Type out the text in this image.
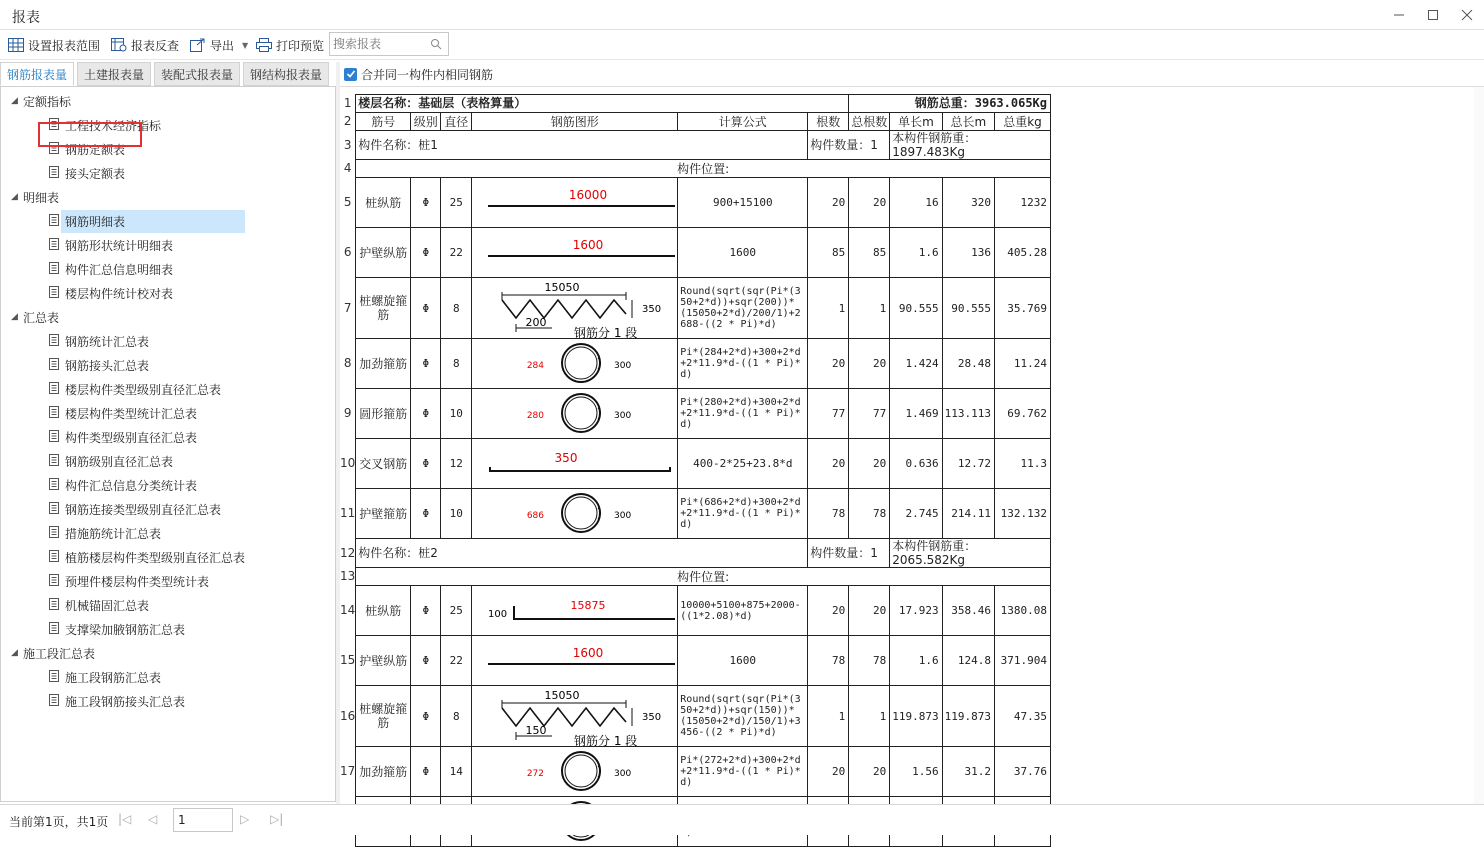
报表
设置报表范围	报表反查	导出 ▼ 打印预览
搜索报表
钢筋报表量	土建报表量	装配式报表量	钢结构报表量
◢ 定额指标
工程技术经济指标
钢筋定额表
接头定额表
◢ 明细表
钢筋明细表
钢筋形状统计明细表
构件汇总信息明细表
楼层构件统计校对表
◢ 汇总表
钢筋统计汇总表
钢筋接头汇总表
楼层构件类型级别直径汇总表
楼层构件类型统计汇总表
构件类型级别直径汇总表
钢筋级别直径汇总表
构件汇总信息分类统计表
钢筋连接类型级别直径汇总表
措施筋统计汇总表
植筋楼层构件类型级别直径汇总表
预埋件楼层构件类型统计表
机械锚固汇总表
支撑梁加腋钢筋汇总表
◢ 施工段汇总表
施工段钢筋汇总表
施工段钢筋接头汇总表
合并同一构件内相同钢筋
1	楼层名称：基础层（表格算量）						钢筋总重：3963.065Kg			
2	筋号	级别	直径	钢筋图形	计算公式	根数	总根数	单长m	总长m	总重kg
3	构件名称：桩1					构件数量：1		本构件钢筋重：1897.483Kg		
4	构件位置:									
5	桩纵筋	Φ	25	16000	900+15100	20	20	16	320	1232
6	护壁纵筋	Φ	22	1600	1600	85	85	1.6	136	405.28
7	桩螺旋箍筋	Φ	8	15050
350
200
钢筋分 1 段	Round(sqrt(sqr(Pi*(350+2*d))+sqr(200))*(15050+2*d)/200/1)+2688-((2 * Pi)*d)	1	1	90.555	90.555	35.769
8	加劲箍筋	Φ	8	284 300	Pi*(284+2*d)+300+2*d+2*11.9*d-((1 * Pi)*d)	20	20	1.424	28.48	11.24
9	圆形箍筋	Φ	10	280 300	Pi*(280+2*d)+300+2*d+2*11.9*d-((1 * Pi)*d)	77	77	1.469	113.113	69.762
10	交叉钢筋	Φ	12	350	400-2*25+23.8*d	20	20	0.636	12.72	11.3
11	护壁箍筋	Φ	10	686 300	Pi*(686+2*d)+300+2*d+2*11.9*d-((1 * Pi)*d)	78	78	2.745	214.11	132.132
12	构件名称：桩2					构件数量：1		本构件钢筋重：2065.582Kg		
13	构件位置:									
14	桩纵筋	Φ	25	15875
100	10000+5100+875+2000-((1*2.08)*d)	20	20	17.923	358.46	1380.08
15	护壁纵筋	Φ	22	1600	1600	78	78	1.6	124.8	371.904
16	桩螺旋箍筋	Φ	8	15050
350
150
钢筋分 1 段	Round(sqrt(sqr(Pi*(350+2*d))+sqr(150))*(15050+2*d)/150/1)+3456-((2 * Pi)*d)	1	1	119.873	119.873	47.35
17	加劲箍筋	Φ	14	272 300	Pi*(272+2*d)+300+2*d+2*11.9*d-((1 * Pi)*d)	20	20	1.56	31.2	37.76

当前第1页，共1页 |◁ ◁	1	▷ ▷|
